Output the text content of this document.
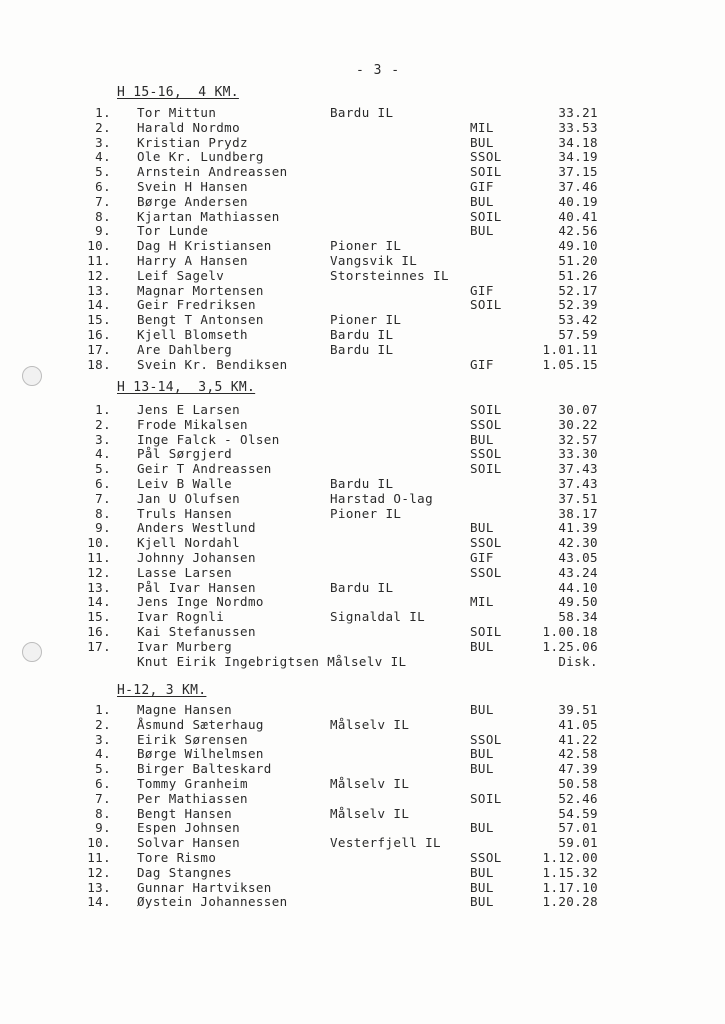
- 3 -
H 15-16,  4 KM.
1. Tor Mittun	Bardu IL	33.21
2. Harald Nordmo	MIL	33.53
3. Kristian Prydz	BUL	34.18
4. Ole Kr. Lundberg	SSOL	34.19
5. Arnstein Andreassen	SOIL	37.15
6. Svein H Hansen	GIF	37.46
7. Børge Andersen	BUL	40.19
8. Kjartan Mathiassen	SOIL	40.41
9. Tor Lunde	BUL	42.56
10. Dag H Kristiansen	Pioner IL	49.10
11. Harry A Hansen	Vangsvik IL	51.20
12. Leif Sagelv	Storsteinnes IL	51.26
13. Magnar Mortensen	GIF	52.17
14. Geir Fredriksen	SOIL	52.39
15. Bengt T Antonsen	Pioner IL	53.42
16. Kjell Blomseth	Bardu IL	57.59
17. Are Dahlberg	Bardu IL	1.01.11
18. Svein Kr. Bendiksen	GIF	1.05.15
H 13-14,  3,5 KM.
1. Jens E Larsen	SOIL	30.07
2. Frode Mikalsen	SSOL	30.22
3. Inge Falck - Olsen	BUL	32.57
4. Pål Sørgjerd	SSOL	33.30
5. Geir T Andreassen	SOIL	37.43
6. Leiv B Walle	Bardu IL	37.43
7. Jan U Olufsen	Harstad O-lag	37.51
8. Truls Hansen	Pioner IL	38.17
9. Anders Westlund	BUL	41.39
10. Kjell Nordahl	SSOL	42.30
11. Johnny Johansen	GIF	43.05
12. Lasse Larsen	SSOL	43.24
13. Pål Ivar Hansen	Bardu IL	44.10
14. Jens Inge Nordmo	MIL	49.50
15. Ivar Rognli	Signaldal IL	58.34
16. Kai Stefanussen	SOIL	1.00.18
17. Ivar Murberg	BUL	1.25.06
Knut Eirik Ingebrigtsen Målselv IL	Disk.
H-12, 3 KM.
1. Magne Hansen	BUL	39.51
2. Åsmund Sæterhaug	Målselv IL	41.05
3. Eirik Sørensen	SSOL	41.22
4. Børge Wilhelmsen	BUL	42.58
5. Birger Balteskard	BUL	47.39
6. Tommy Granheim	Målselv IL	50.58
7. Per Mathiassen	SOIL	52.46
8. Bengt Hansen	Målselv IL	54.59
9. Espen Johnsen	BUL	57.01
10. Solvar Hansen	Vesterfjell IL	59.01
11. Tore Rismo	SSOL	1.12.00
12. Dag Stangnes	BUL	1.15.32
13. Gunnar Hartviksen	BUL	1.17.10
14. Øystein Johannessen	BUL	1.20.28
